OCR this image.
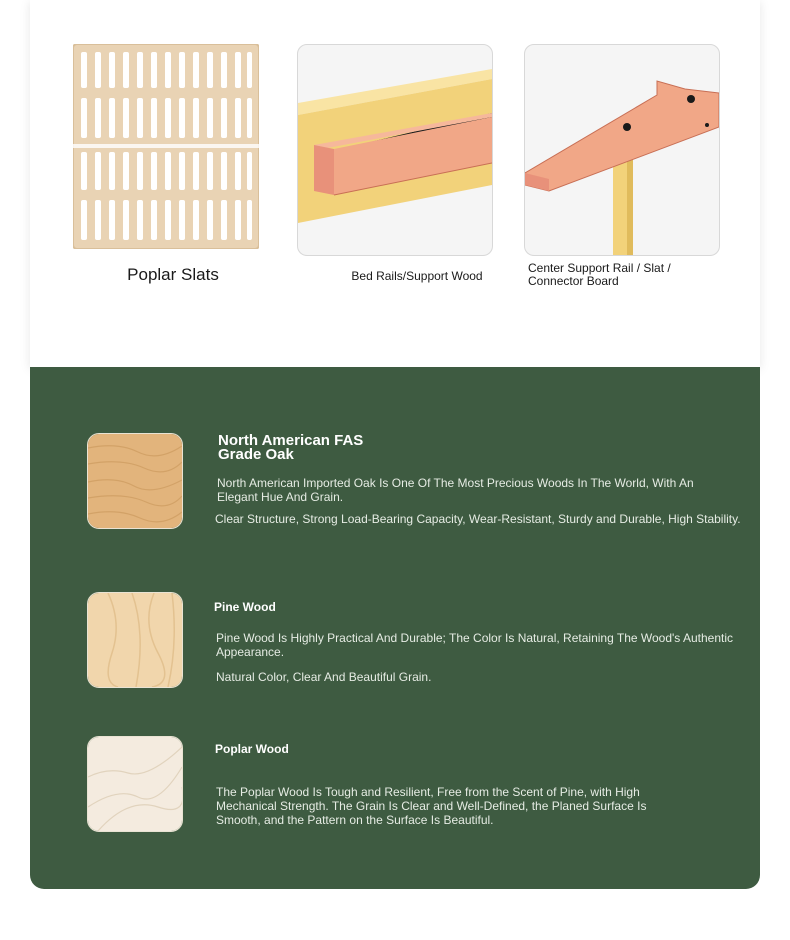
Poplar Slats	Bed Rails/Support Wood
Center Support Rail / Slat / Connector Board
North American FAS Grade Oak
North American Imported Oak Is One Of The Most Precious Woods In The World, With An Elegant Hue And Grain.
Clear Structure, Strong Load-Bearing Capacity, Wear-Resistant, Sturdy and Durable, High Stability.
Pine Wood
Pine Wood Is Highly Practical And Durable; The Color Is Natural, Retaining The Wood's Authentic Appearance.
Natural Color, Clear And Beautiful Grain.
Poplar Wood
The Poplar Wood Is Tough and Resilient, Free from the Scent of Pine, with High Mechanical Strength. The Grain Is Clear and Well-Defined, the Planed Surface Is Smooth, and the Pattern on the Surface Is Beautiful.
